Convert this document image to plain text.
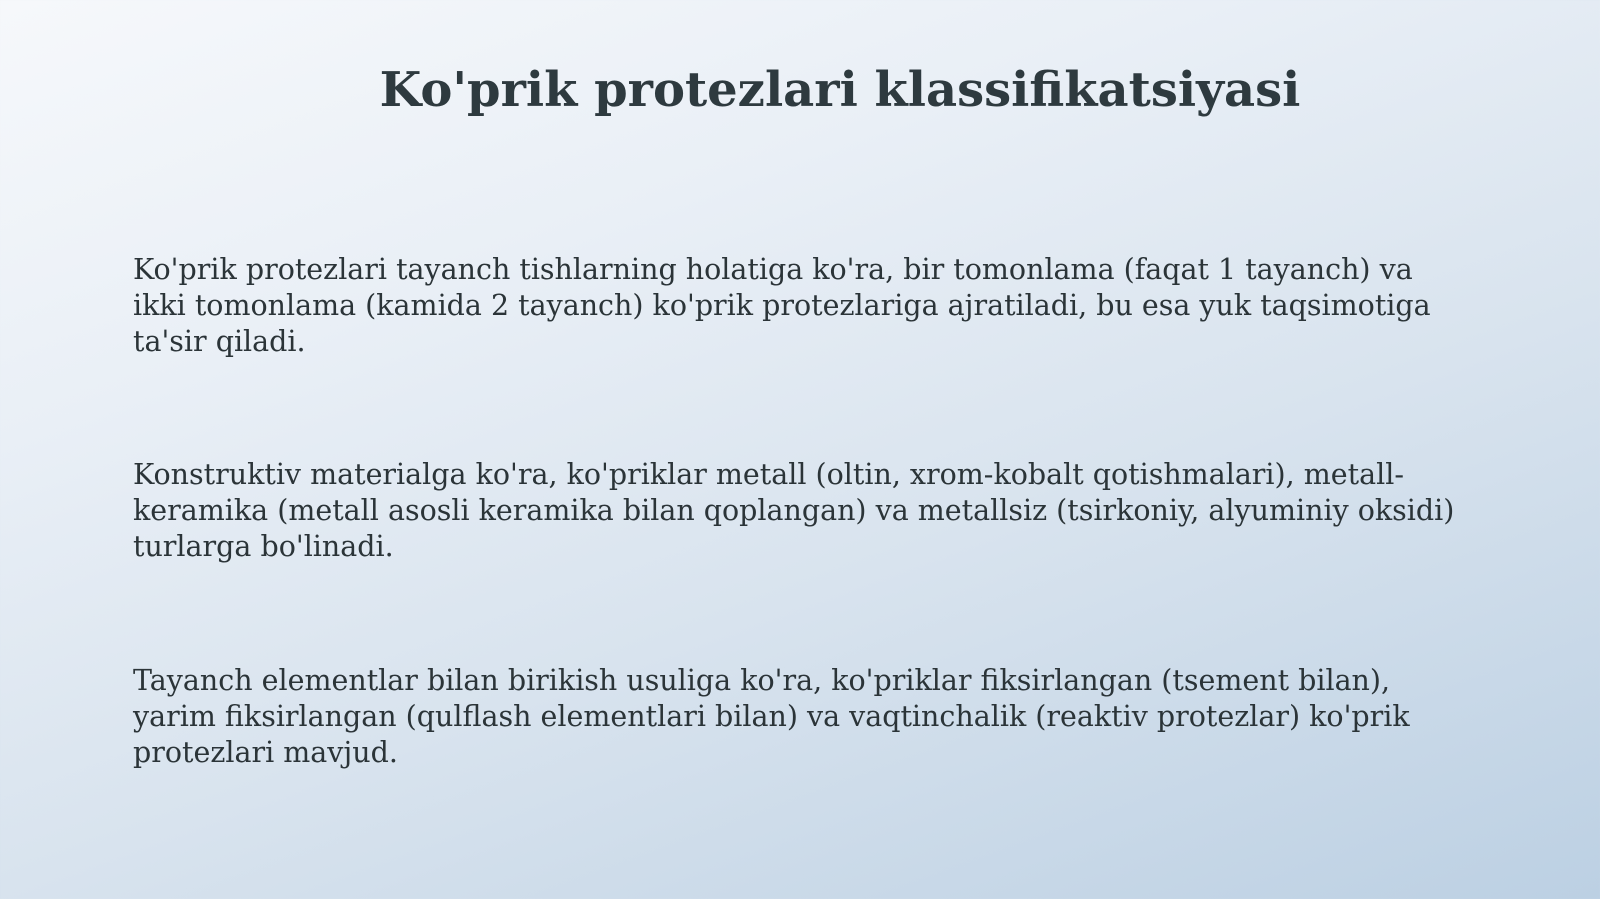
Ko'prik protezlari klassifikatsiyasi

Ko'prik protezlari tayanch tishlarning holatiga ko'ra, bir tomonlama (faqat 1 tayanch) va ikki tomonlama (kamida 2 tayanch) ko'prik protezlariga ajratiladi, bu esa yuk taqsimotiga ta'sir qiladi.

Konstruktiv materialga ko'ra, ko'priklar metall (oltin, xrom-kobalt qotishmalari), metall-keramika (metall asosli keramika bilan qoplangan) va metallsiz (tsirkoniy, alyuminiy oksidi) turlarga bo'linadi.

Tayanch elementlar bilan birikish usuliga ko'ra, ko'priklar fiksirlangan (tsement bilan), yarim fiksirlangan (qulflash elementlari bilan) va vaqtinchalik (reaktiv protezlar) ko'prik protezlari mavjud.
